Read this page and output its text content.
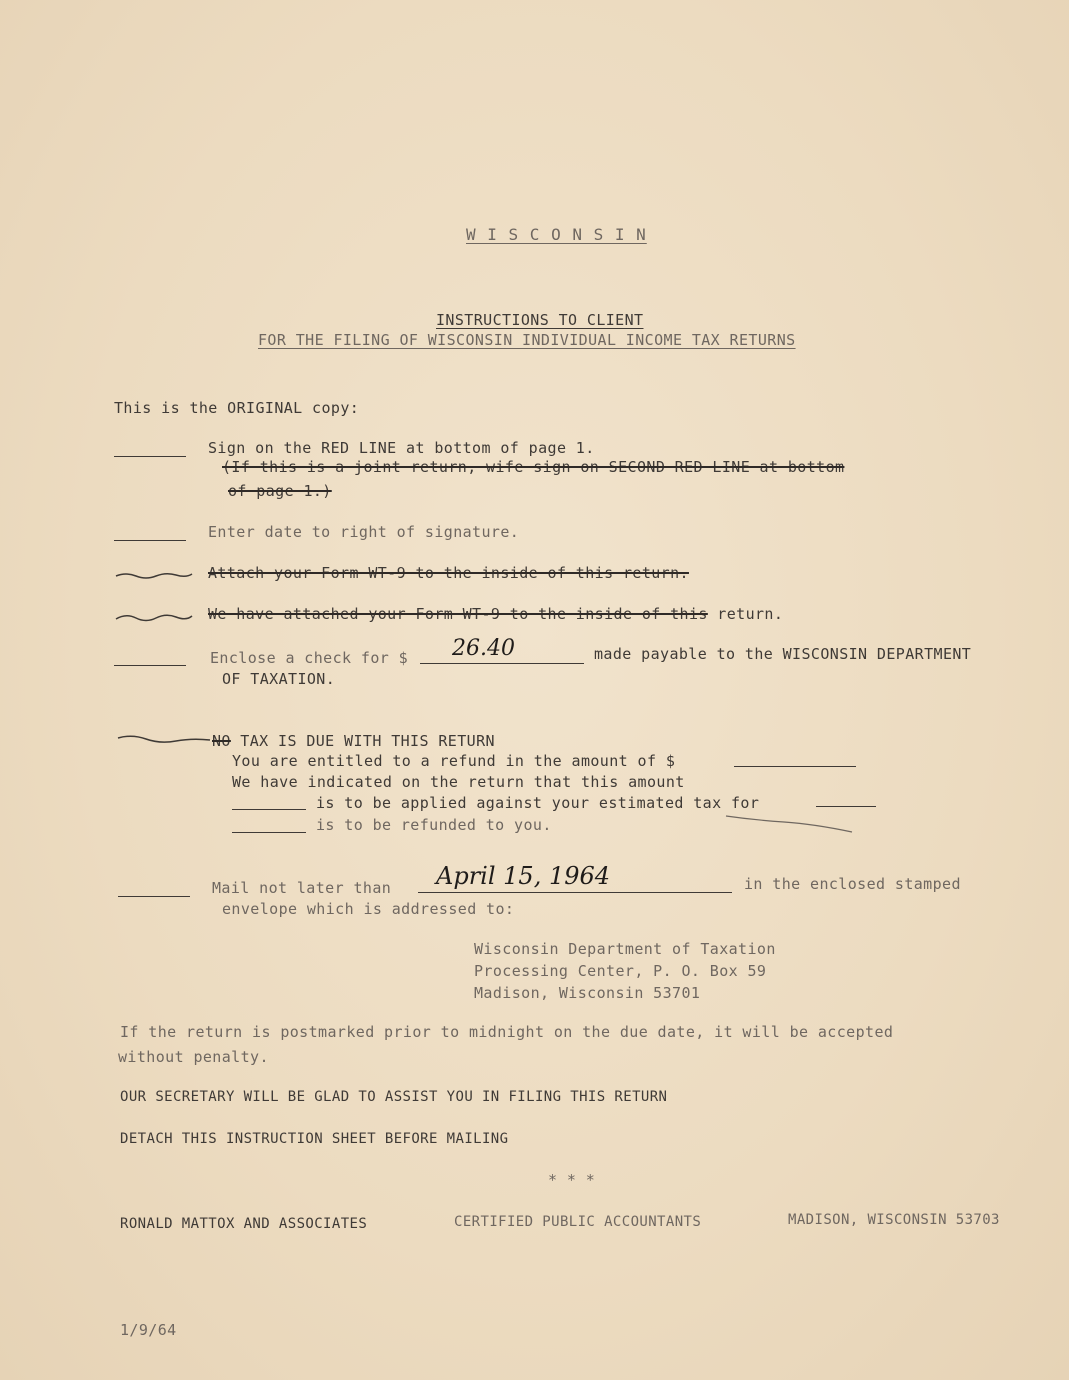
W I S C O N S I N
INSTRUCTIONS TO CLIENT
FOR THE FILING OF WISCONSIN INDIVIDUAL INCOME TAX RETURNS
This is the ORIGINAL copy:
Sign on the RED LINE at bottom of page 1.
(If this is a joint return, wife sign on SECOND RED LINE at bottom
of page 1.)
Enter date to right of signature.
Attach your Form WT-9 to the inside of this return.
We have attached your Form WT-9 to the inside of this return.
Enclose a check for $ 26.40	made payable to the WISCONSIN DEPARTMENT
OF TAXATION.
NO TAX IS DUE WITH THIS RETURN
You are entitled to a refund in the amount of $
We have indicated on the return that this amount
is to be applied against your estimated tax for
is to be refunded to you.
Mail not later than April 15, 1964	in the enclosed stamped
envelope which is addressed to:
Wisconsin Department of Taxation
Processing Center, P. O. Box 59
Madison, Wisconsin 53701
If the return is postmarked prior to midnight on the due date, it will be accepted
without penalty.
OUR SECRETARY WILL BE GLAD TO ASSIST YOU IN FILING THIS RETURN
DETACH THIS INSTRUCTION SHEET BEFORE MAILING
* * *
RONALD MATTOX AND ASSOCIATES	CERTIFIED PUBLIC ACCOUNTANTS	MADISON, WISCONSIN 53703
1/9/64
